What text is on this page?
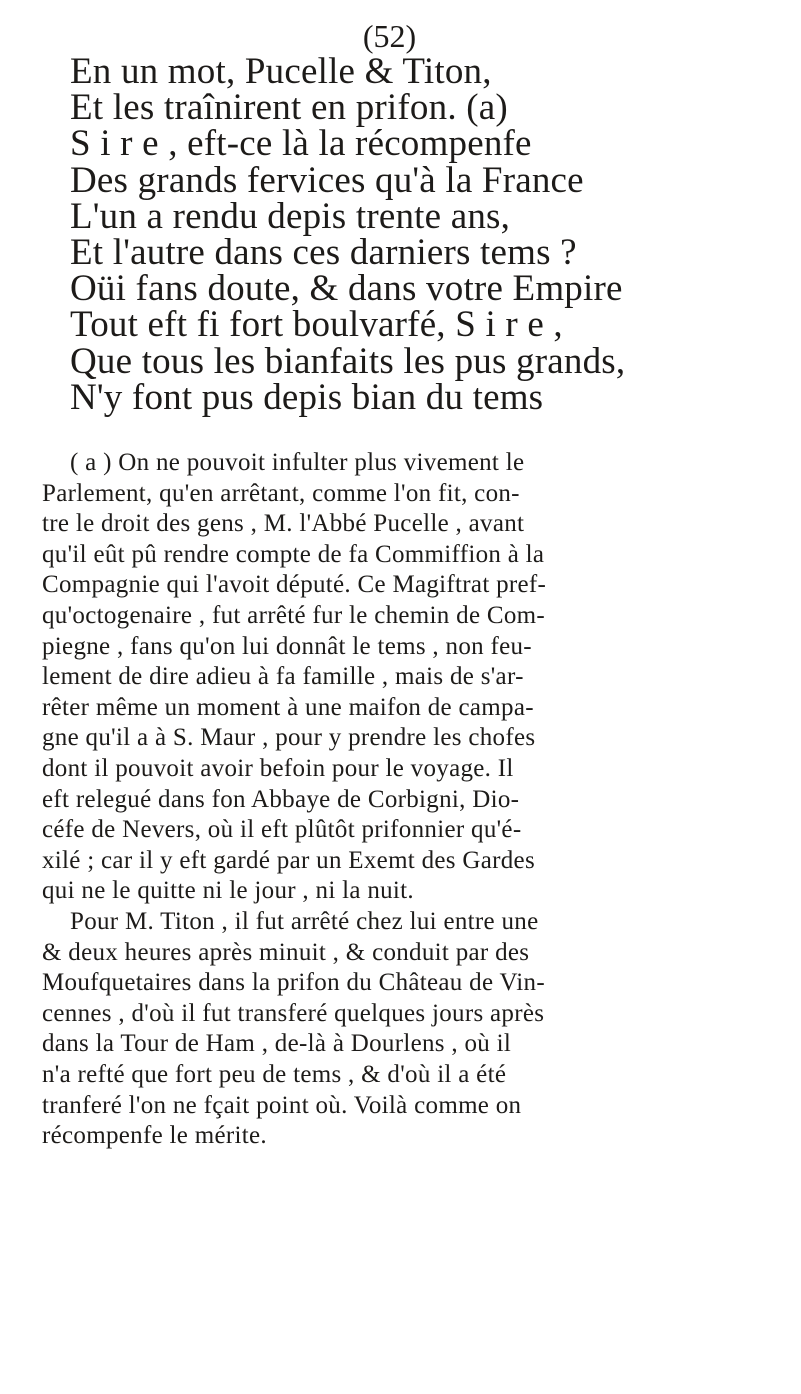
(52)
En un mot, Pucelle & Titon,
Et les traînirent en prifon. (a)
S i r e , eft-ce là la récompenfe
Des grands fervices qu'à la France
L'un a rendu depis trente ans,
Et l'autre dans ces darniers tems ?
Oüi fans doute, & dans votre Empire
Tout eft fi fort boulvarfé, S i r e ,
Que tous les bianfaits les pus grands,
N'y font pus depis bian du tems
( a ) On ne pouvoit infulter plus vivement le
Parlement, qu'en arrêtant, comme l'on fit, con-
tre le droit des gens , M. l'Abbé Pucelle , avant
qu'il eût pû rendre compte de fa Commiffion à la
Compagnie qui l'avoit député. Ce Magiftrat pref-
qu'octogenaire , fut arrêté fur le chemin de Com-
piegne , fans qu'on lui donnât le tems , non feu-
lement de dire adieu à fa famille , mais de s'ar-
rêter même un moment à une maifon de campa-
gne qu'il a à S. Maur , pour y prendre les chofes
dont il pouvoit avoir befoin pour le voyage. Il
eft relegué dans fon Abbaye de Corbigni, Dio-
céfe de Nevers, où il eft plûtôt prifonnier qu'é-
xilé ; car il y eft gardé par un Exemt des Gardes
qui ne le quitte ni le jour , ni la nuit.
Pour M. Titon , il fut arrêté chez lui entre une
& deux heures après minuit , & conduit par des
Moufquetaires dans la prifon du Château de Vin-
cennes , d'où il fut transferé quelques jours après
dans la Tour de Ham , de-là à Dourlens , où il
n'a refté que fort peu de tems , & d'où il a été
tranferé l'on ne fçait point où. Voilà comme on
récompenfe le mérite.
